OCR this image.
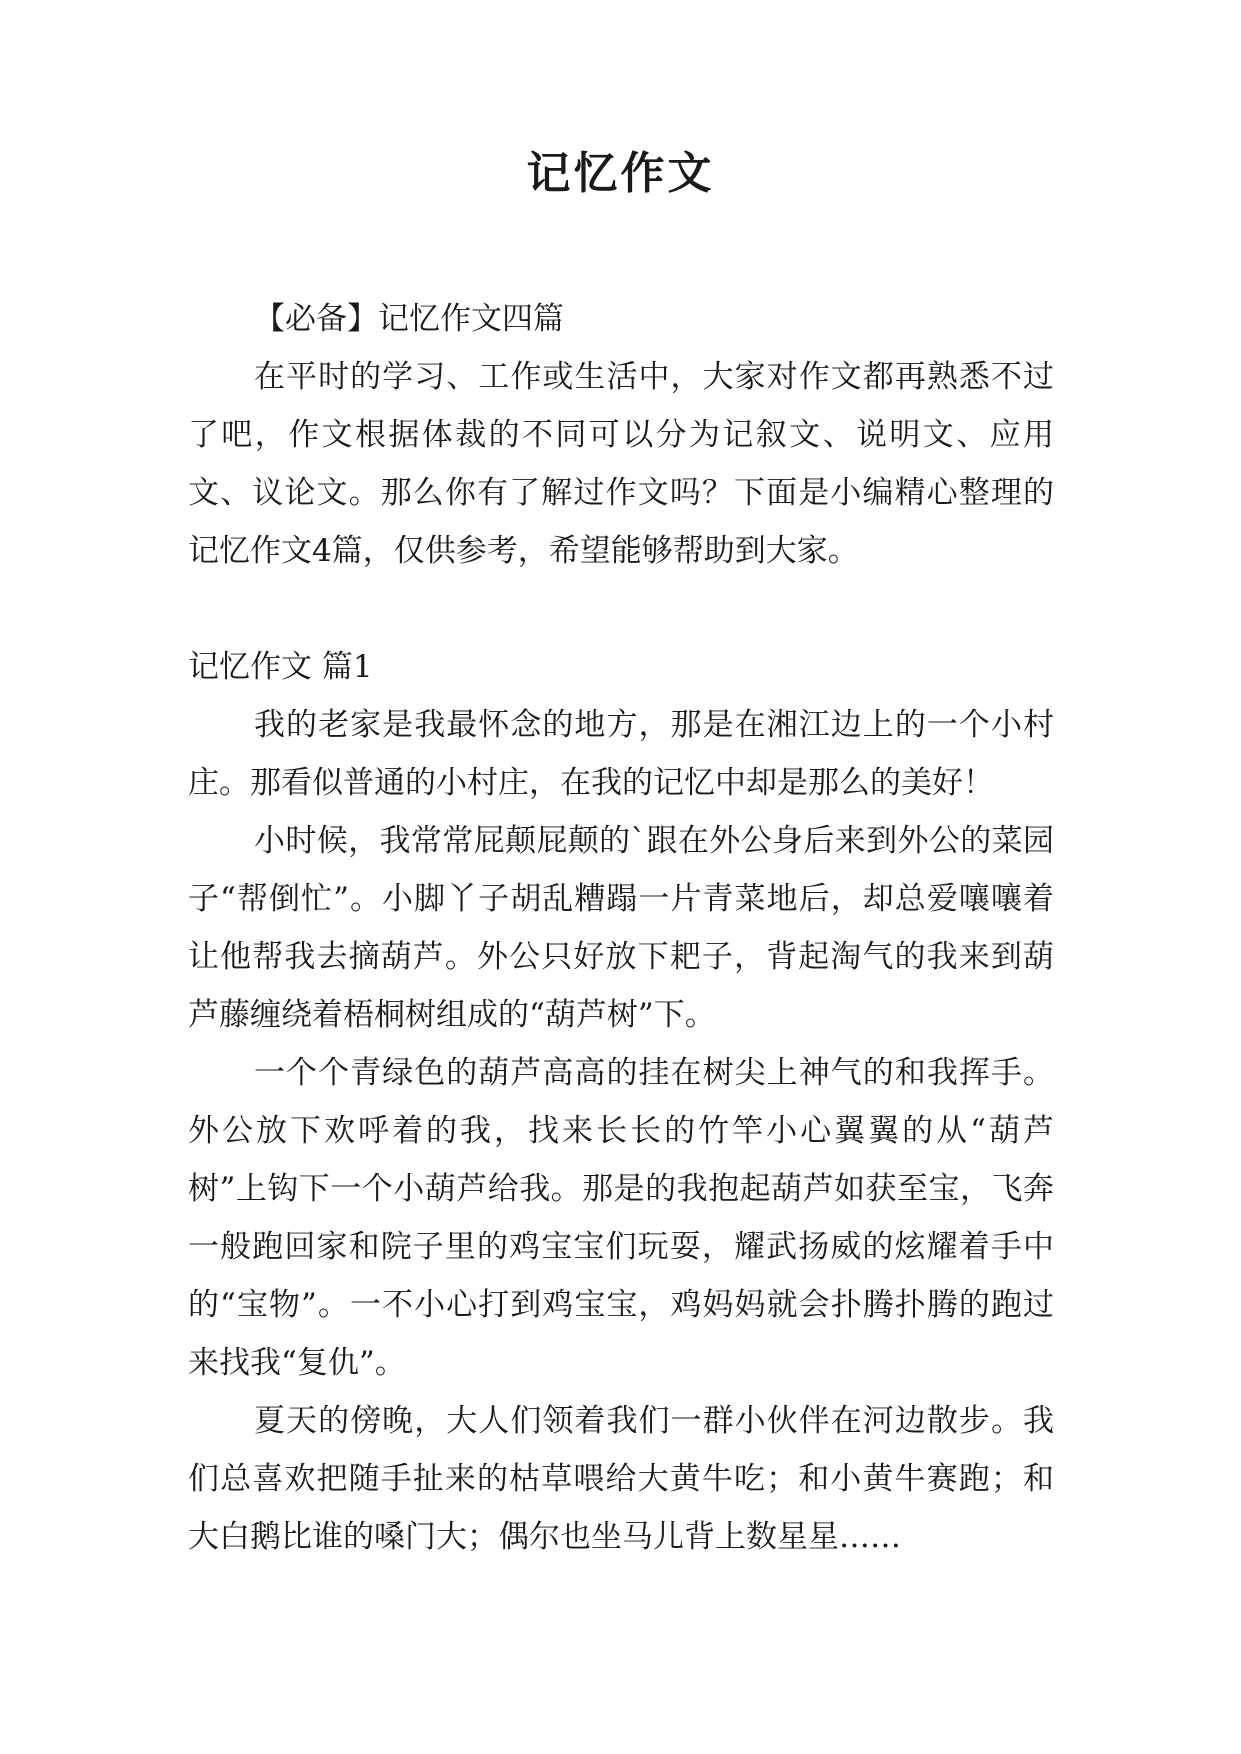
记忆作文

【必备】记忆作文四篇

在平时的学习、工作或生活中，大家对作文都再熟悉不过了吧，作文根据体裁的不同可以分为记叙文、说明文、应用文、议论文。那么你有了解过作文吗？下面是小编精心整理的记忆作文4篇，仅供参考，希望能够帮助到大家。

记忆作文 篇1

我的老家是我最怀念的地方，那是在湘江边上的一个小村庄。那看似普通的小村庄，在我的记忆中却是那么的美好！

小时候，我常常屁颠屁颠的`跟在外公身后来到外公的菜园子“帮倒忙”。小脚丫子胡乱糟蹋一片青菜地后，却总爱嚷嚷着让他帮我去摘葫芦。外公只好放下耙子，背起淘气的我来到葫芦藤缠绕着梧桐树组成的“葫芦树”下。

一个个青绿色的葫芦高高的挂在树尖上神气的和我挥手。外公放下欢呼着的我，找来长长的竹竿小心翼翼的从“葫芦树”上钩下一个小葫芦给我。那是的我抱起葫芦如获至宝，飞奔一般跑回家和院子里的鸡宝宝们玩耍，耀武扬威的炫耀着手中的“宝物”。一不小心打到鸡宝宝，鸡妈妈就会扑腾扑腾的跑过来找我“复仇”。

夏天的傍晚，大人们领着我们一群小伙伴在河边散步。我们总喜欢把随手扯来的枯草喂给大黄牛吃；和小黄牛赛跑；和大白鹅比谁的嗓门大；偶尔也坐马儿背上数星星……
